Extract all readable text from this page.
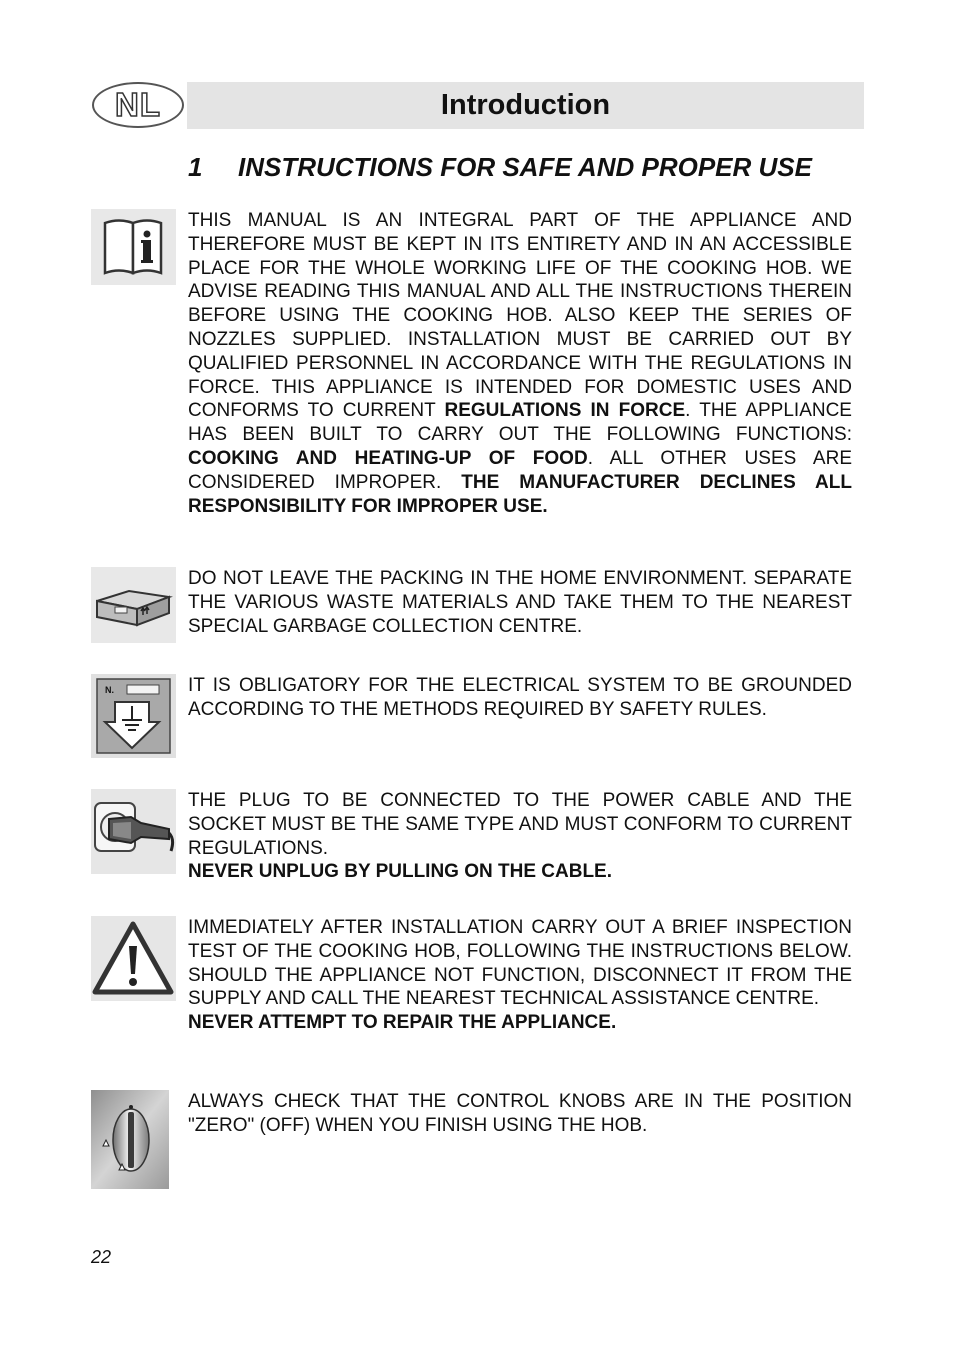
NL	Introduction
1 INSTRUCTIONS FOR SAFE AND PROPER USE

THIS MANUAL IS AN INTEGRAL PART OF THE APPLIANCE AND THEREFORE MUST BE KEPT IN ITS ENTIRETY AND IN AN ACCESSIBLE PLACE FOR THE WHOLE WORKING LIFE OF THE COOKING HOB. WE ADVISE READING THIS MANUAL AND ALL THE INSTRUCTIONS THEREIN BEFORE USING THE COOKING HOB. ALSO KEEP THE SERIES OF NOZZLES SUPPLIED. INSTALLATION MUST BE CARRIED OUT BY QUALIFIED PERSONNEL IN ACCORDANCE WITH THE REGULATIONS IN FORCE. THIS APPLIANCE IS INTENDED FOR DOMESTIC USES AND CONFORMS TO CURRENT REGULATIONS IN FORCE. THE APPLIANCE HAS BEEN BUILT TO CARRY OUT THE FOLLOWING FUNCTIONS: COOKING AND HEATING-UP OF FOOD. ALL OTHER USES ARE CONSIDERED IMPROPER. THE MANUFACTURER DECLINES ALL RESPONSIBILITY FOR IMPROPER USE.

DO NOT LEAVE THE PACKING IN THE HOME ENVIRONMENT. SEPARATE THE VARIOUS WASTE MATERIALS AND TAKE THEM TO THE NEAREST SPECIAL GARBAGE COLLECTION CENTRE.

N.	IT IS OBLIGATORY FOR THE ELECTRICAL SYSTEM TO BE GROUNDED ACCORDING TO THE METHODS REQUIRED BY SAFETY RULES.

THE PLUG TO BE CONNECTED TO THE POWER CABLE AND THE SOCKET MUST BE THE SAME TYPE AND MUST CONFORM TO CURRENT REGULATIONS.
NEVER UNPLUG BY PULLING ON THE CABLE.

IMMEDIATELY AFTER INSTALLATION CARRY OUT A BRIEF INSPECTION TEST OF THE COOKING HOB, FOLLOWING THE INSTRUCTIONS BELOW. SHOULD THE APPLIANCE NOT FUNCTION, DISCONNECT IT FROM THE SUPPLY AND CALL THE NEAREST TECHNICAL ASSISTANCE CENTRE.
NEVER ATTEMPT TO REPAIR THE APPLIANCE.

ALWAYS CHECK THAT THE CONTROL KNOBS ARE IN THE POSITION "ZERO" (OFF) WHEN YOU FINISH USING THE HOB.

22
